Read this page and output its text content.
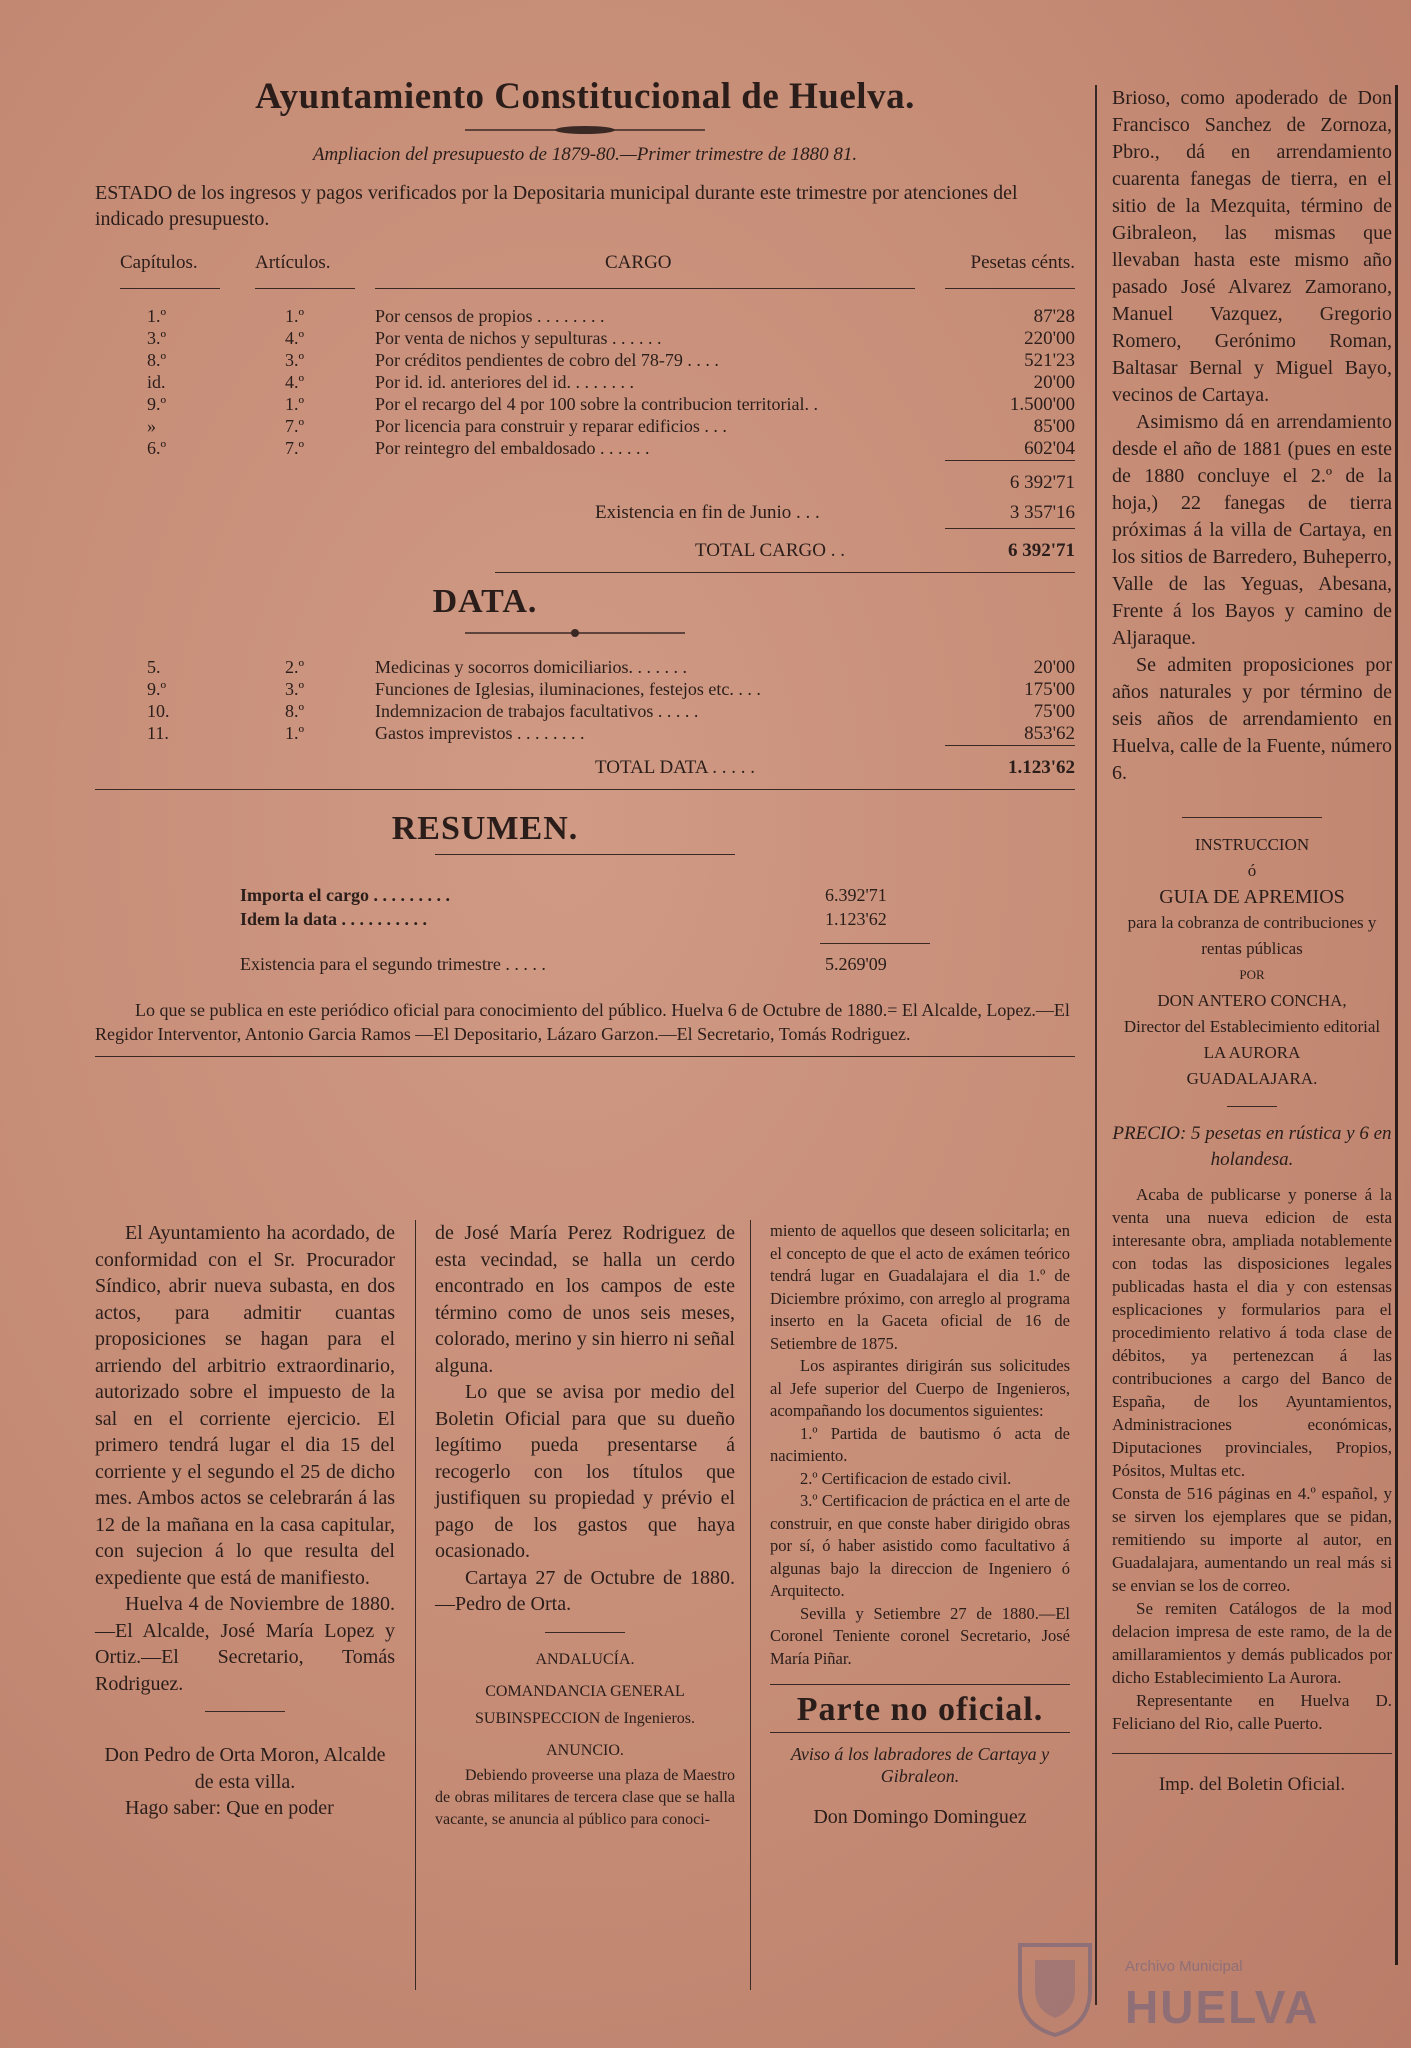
Ayuntamiento Constitucional de Huelva.
Ampliacion del presupuesto de 1879-80.—Primer trimestre de 1880 81.
ESTADO de los ingresos y pagos verificados por la Depositaria municipal durante este trimestre por atenciones del indicado presupuesto.
Capítulos.	Artículos.	CARGO	Pesetas cénts.
1.º	1.º	Por censos de propios . . . . . . . .	87'28
3.º	4.º	Por venta de nichos y sepulturas . . . . . .	220'00
8.º	3.º	Por créditos pendientes de cobro del 78-79 . . . .	521'23
id.	4.º	Por id. id. anteriores del id. . . . . . . .	20'00
9.º	1.º	Por el recargo del 4 por 100 sobre la contribucion territorial. .	1.500'00
»	7.º	Por licencia para construir y reparar edificios . . .	85'00
6.º	7.º	Por reintegro del embaldosado . . . . . .	602'04
6 392'71
Existencia en fin de Junio . . .	3 357'16
TOTAL CARGO . .	6 392'71
DATA.
5.	2.º	Medicinas y socorros domiciliarios. . . . . . .	20'00
9.º	3.º	Funciones de Iglesias, iluminaciones, festejos etc. . . .	175'00
10.	8.º	Indemnizacion de trabajos facultativos . . . . .	75'00
11.	1.º	Gastos imprevistos . . . . . . . .	853'62
TOTAL DATA . . . . .	1.123'62
RESUMEN.
Importa el cargo . . . . . . . . .	6.392'71
Idem la data . . . . . . . . . .	1.123'62
Existencia para el segundo trimestre . . . . .	5.269'09
Lo que se publica en este periódico oficial para conocimiento del público. Huelva 6 de Octubre de 1880.= El Alcalde, Lopez.—El Regidor Interventor, Antonio Garcia Ramos —El Depositario, Lázaro Garzon.—El Secretario, Tomás Rodriguez.

El Ayuntamiento ha acordado, de conformidad con el Sr. Procurador Síndico, abrir nueva subasta, en dos actos, para admitir cuantas proposiciones se hagan para el arriendo del arbitrio extraordinario, autorizado sobre el impuesto de la sal en el corriente ejercicio. El primero tendrá lugar el dia 15 del corriente y el segundo el 25 de dicho mes. Ambos actos se celebrarán á las 12 de la mañana en la casa capitular, con sujecion á lo que resulta del expediente que está de manifiesto.

Huelva 4 de Noviembre de 1880.—El Alcalde, José María Lopez y Ortiz.—El Secretario, Tomás Rodriguez.

Don Pedro de Orta Moron, Alcalde de esta villa.

Hago saber: Que en poder

de José María Perez Rodriguez de esta vecindad, se halla un cerdo encontrado en los campos de este término como de unos seis meses, colorado, merino y sin hierro ni señal alguna.

Lo que se avisa por medio del Boletin Oficial para que su dueño legítimo pueda presentarse á recogerlo con los títulos que justifiquen su propiedad y prévio el pago de los gastos que haya ocasionado.

Cartaya 27 de Octubre de 1880.—Pedro de Orta.

ANDALUCÍA.

COMANDANCIA GENERAL SUBINSPECCION de Ingenieros.

ANUNCIO.

Debiendo proveerse una plaza de Maestro de obras militares de tercera clase que se halla vacante, se anuncia al público para conoci-

miento de aquellos que deseen solicitarla; en el concepto de que el acto de exámen teórico tendrá lugar en Guadalajara el dia 1.º de Diciembre próximo, con arreglo al programa inserto en la Gaceta oficial de 16 de Setiembre de 1875.

Los aspirantes dirigirán sus solicitudes al Jefe superior del Cuerpo de Ingenieros, acompañando los documentos siguientes:

1.º Partida de bautismo ó acta de nacimiento.

2.º Certificacion de estado civil.

3.º Certificacion de práctica en el arte de construir, en que conste haber dirigido obras por sí, ó haber asistido como facultativo á algunas bajo la direccion de Ingeniero ó Arquitecto.

Sevilla y Setiembre 27 de 1880.—El Coronel Teniente coronel Secretario, José María Piñar.

Parte no oficial.

Aviso á los labradores de Cartaya y Gibraleon.

Don Domingo Dominguez

Brioso, como apoderado de Don Francisco Sanchez de Zornoza, Pbro., dá en arrendamiento cuarenta fanegas de tierra, en el sitio de la Mezquita, término de Gibraleon, las mismas que llevaban hasta este mismo año pasado José Alvarez Zamorano, Manuel Vazquez, Gregorio Romero, Gerónimo Roman, Baltasar Bernal y Miguel Bayo, vecinos de Cartaya.

Asimismo dá en arrendamiento desde el año de 1881 (pues en este de 1880 concluye el 2.º de la hoja,) 22 fanegas de tierra próximas á la villa de Cartaya, en los sitios de Barredero, Buheperro, Valle de las Yeguas, Abesana, Frente á los Bayos y camino de Aljaraque.

Se admiten proposiciones por años naturales y por término de seis años de arrendamiento en Huelva, calle de la Fuente, número 6.

INSTRUCCION
ó
GUIA DE APREMIOS
para la cobranza de contribuciones y rentas públicas
POR
DON ANTERO CONCHA,
Director del Establecimiento editorial LA AURORA
GUADALAJARA.
PRECIO: 5 pesetas en rústica y 6 en holandesa.

Acaba de publicarse y ponerse á la venta una nueva edicion de esta interesante obra, ampliada notablemente con todas las disposiciones legales publicadas hasta el dia y con estensas esplicaciones y formularios para el procedimiento relativo á toda clase de débitos, ya pertenezcan á las contribuciones a cargo del Banco de España, de los Ayuntamientos, Administraciones económicas, Diputaciones provinciales, Propios, Pósitos, Multas etc.

Consta de 516 páginas en 4.º español, y se sirven los ejemplares que se pidan, remitiendo su importe al autor, en Guadalajara, aumentando un real más si se envian se los de correo.

Se remiten Catálogos de la mod delacion impresa de este ramo, de la de amillaramientos y demás publicados por dicho Establecimiento La Aurora.

Representante en Huelva D. Feliciano del Rio, calle Puerto.

Imp. del Boletin Oficial.
Archivo Municipal
HUELVA
